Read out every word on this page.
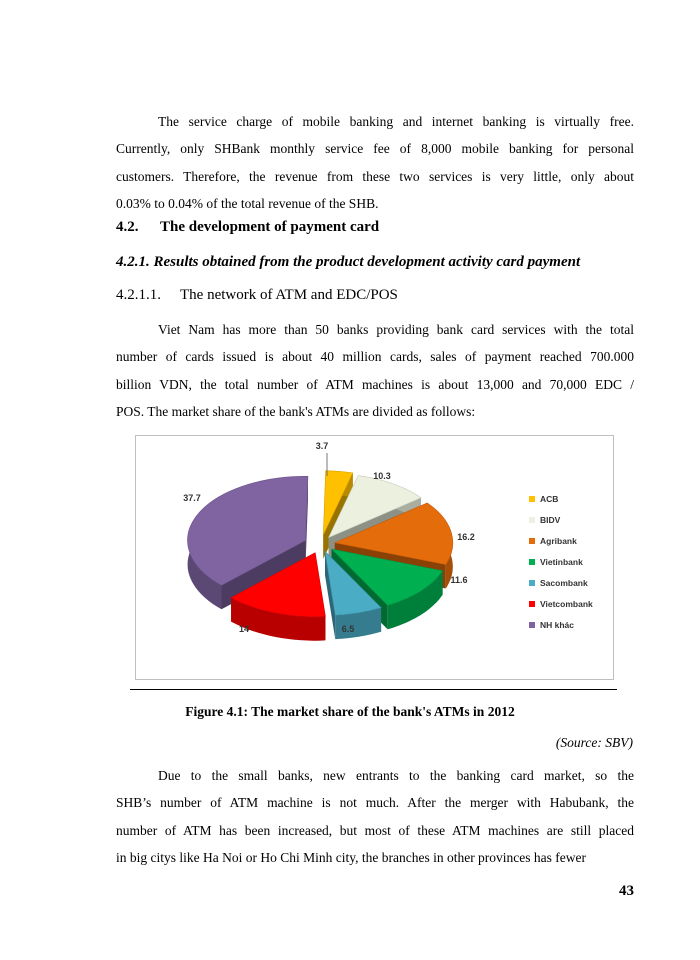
The service charge of mobile banking and internet banking is virtually free.
Currently, only SHBank monthly service fee of 8,000 mobile banking for personal
customers. Therefore, the revenue from these two services is very little, only about
0.03% to 0.04% of the total revenue of the SHB.
4.2. The development of payment card
4.2.1. Results obtained from the product development activity card payment
4.2.1.1. The network of ATM and EDC/POS
Viet Nam has more than 50 banks providing bank card services with the total
number of cards issued is about 40 million cards, sales of payment reached 700.000
billion VDN, the total number of ATM machines is about 13,000 and 70,000 EDC /
POS. The market share of the bank's ATMs are divided as follows:
3.7
10.3
16.2
11.6
6.5
14
37.7	ACB
BIDV
Agribank
Vietinbank
Sacombank
Vietcombank
NH khác
Figure 4.1: The market share of the bank's ATMs in 2012
(Source: SBV)
Due to the small banks, new entrants to the banking card market, so the
SHB’s number of ATM machine is not much. After the merger with Habubank, the
number of ATM has been increased, but most of these ATM machines are still placed
in big citys like Ha Noi or Ho Chi Minh city, the branches in other provinces has fewer
43
